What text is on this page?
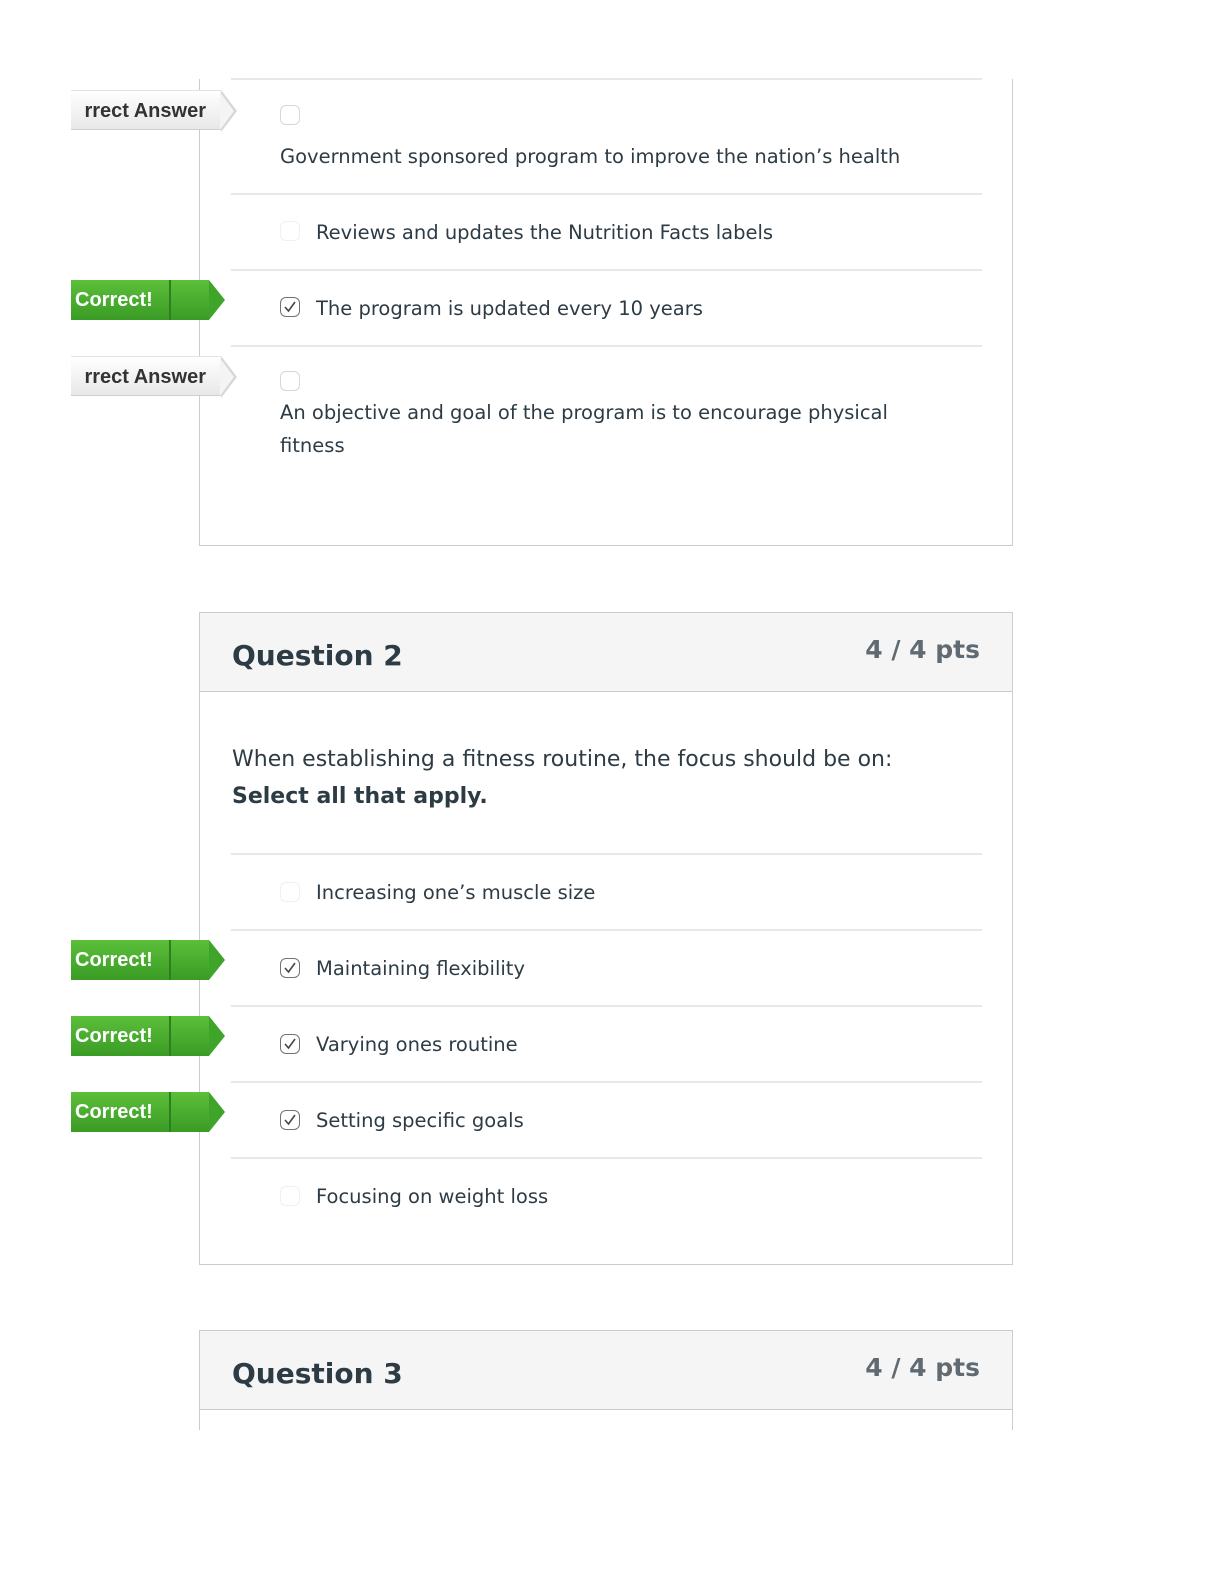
Government sponsored program to improve the nation’s health
Reviews and updates the Nutrition Facts labels
The program is updated every 10 years
An objective and goal of the program is to encourage physical
fitness
rrect Answer
Correct!
rrect Answer
Question 2	4 / 4 pts
When establishing a fitness routine, the focus should be on:
Select all that apply.
Increasing one’s muscle size
Maintaining flexibility
Varying ones routine
Setting specific goals
Focusing on weight loss
Correct!
Correct!
Correct!
Question 3	4 / 4 pts
